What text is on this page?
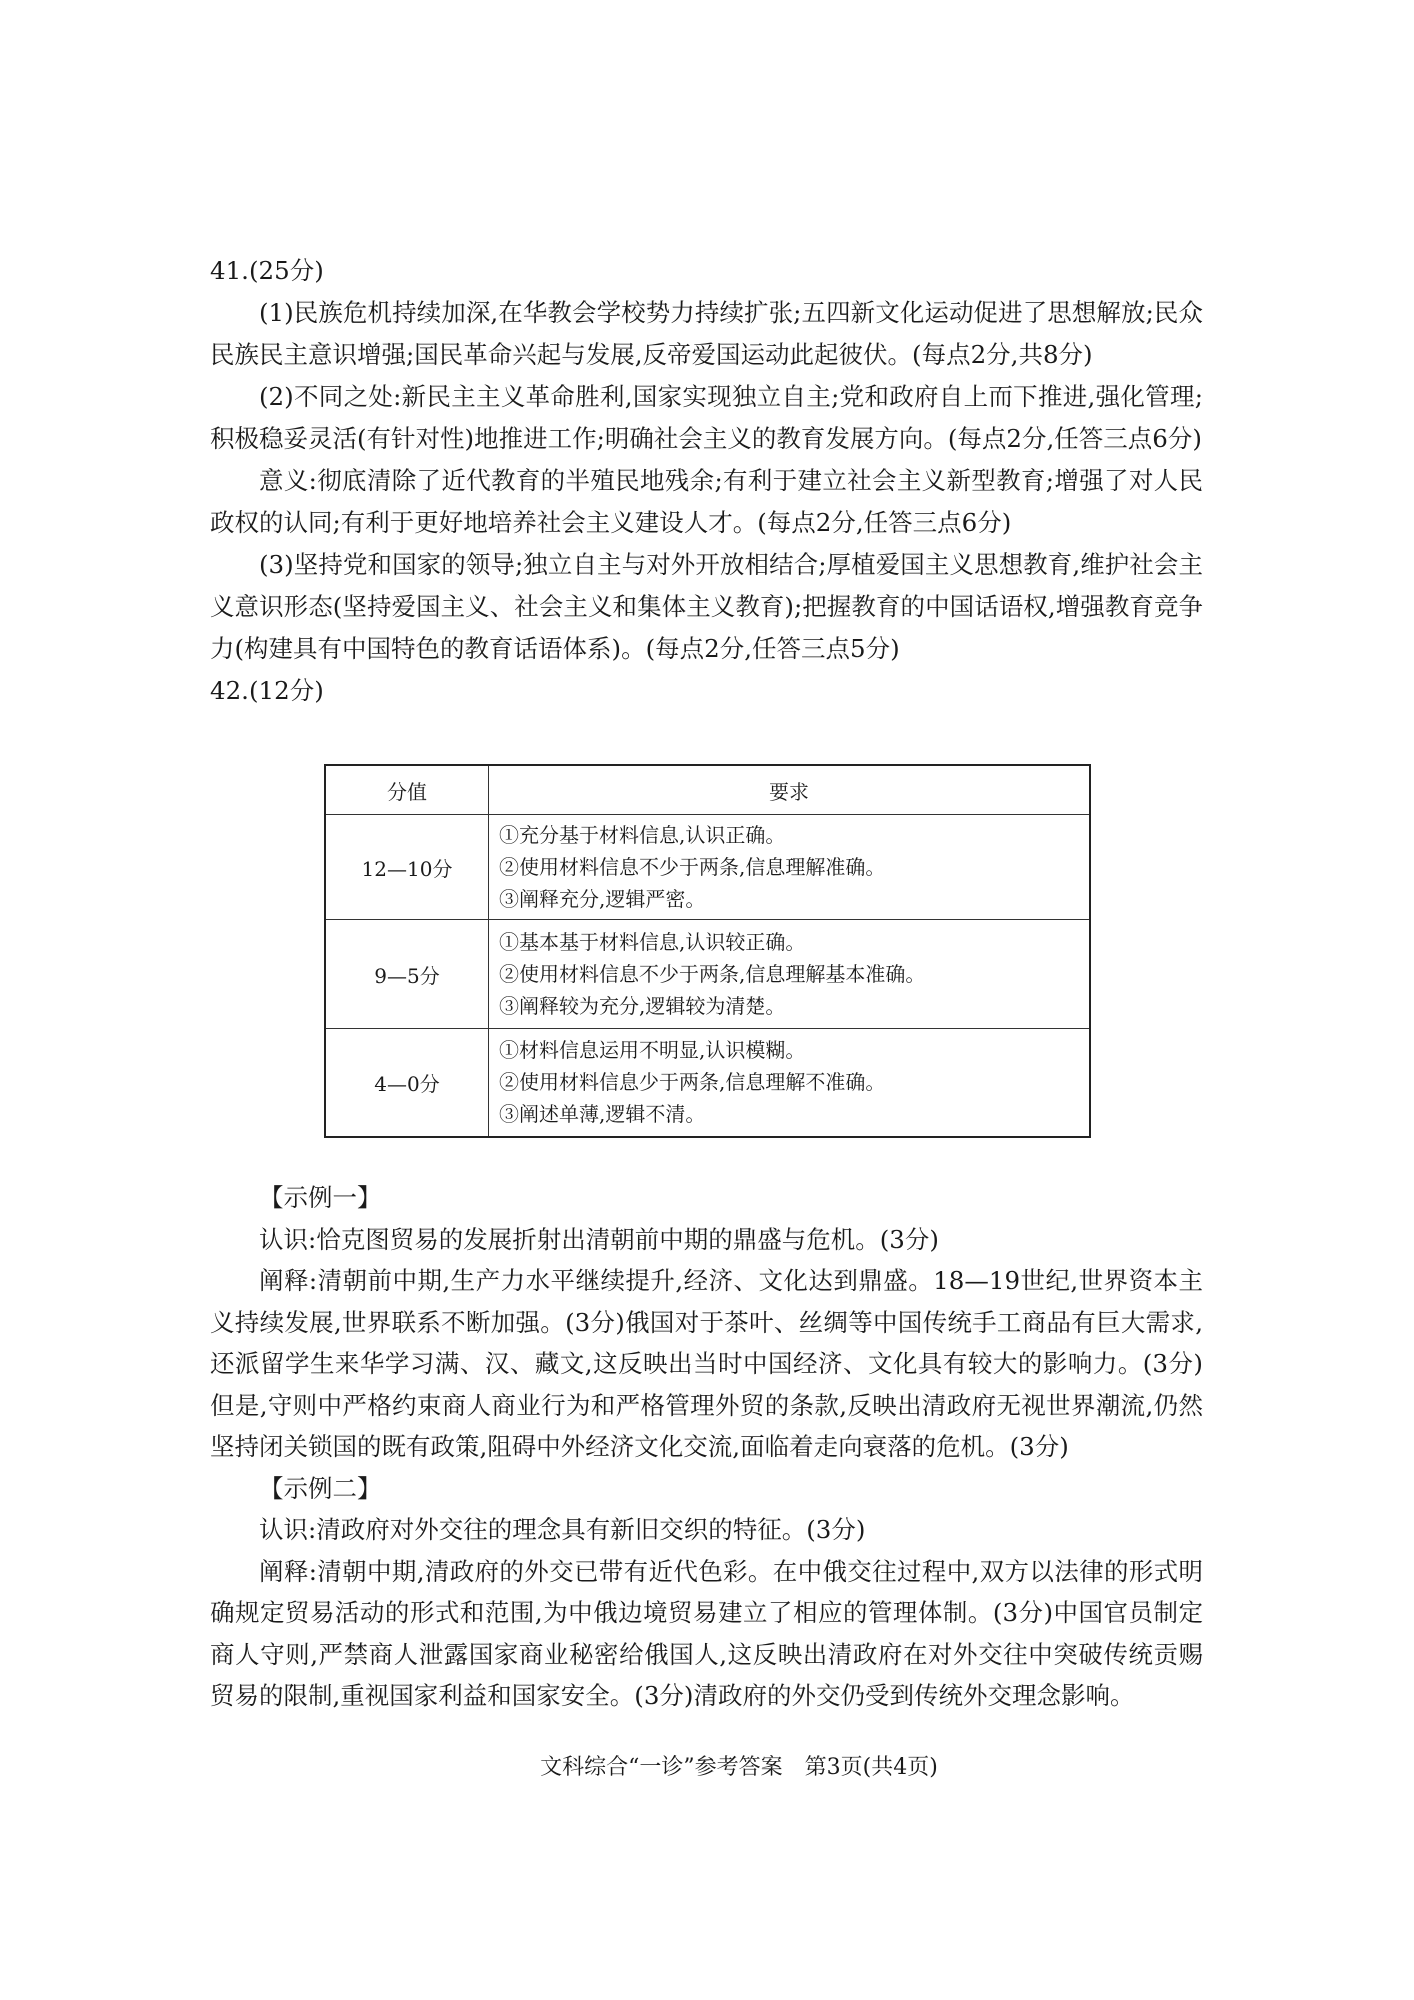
41.(25分)

(1)民族危机持续加深,在华教会学校势力持续扩张;五四新文化运动促进了思想解放;民众民族民主意识增强;国民革命兴起与发展,反帝爱国运动此起彼伏。(每点2分,共8分)

(2)不同之处:新民主主义革命胜利,国家实现独立自主;党和政府自上而下推进,强化管理;积极稳妥灵活(有针对性)地推进工作;明确社会主义的教育发展方向。(每点2分,任答三点6分)

意义:彻底清除了近代教育的半殖民地残余;有利于建立社会主义新型教育;增强了对人民政权的认同;有利于更好地培养社会主义建设人才。(每点2分,任答三点6分)

(3)坚持党和国家的领导;独立自主与对外开放相结合;厚植爱国主义思想教育,维护社会主义意识形态(坚持爱国主义、社会主义和集体主义教育);把握教育的中国话语权,增强教育竞争力(构建具有中国特色的教育话语体系)。(每点2分,任答三点5分)

42.(12分)

分值	要求
12—10分	①充分基于材料信息,认识正确。
②使用材料信息不少于两条,信息理解准确。
③阐释充分,逻辑严密。

9—5分	①基本基于材料信息,认识较正确。
②使用材料信息不少于两条,信息理解基本准确。
③阐释较为充分,逻辑较为清楚。

4—0分	①材料信息运用不明显,认识模糊。
②使用材料信息少于两条,信息理解不准确。
③阐述单薄,逻辑不清。

【示例一】

认识:恰克图贸易的发展折射出清朝前中期的鼎盛与危机。(3分)

阐释:清朝前中期,生产力水平继续提升,经济、文化达到鼎盛。18—19世纪,世界资本主义持续发展,世界联系不断加强。(3分)俄国对于茶叶、丝绸等中国传统手工商品有巨大需求,还派留学生来华学习满、汉、藏文,这反映出当时中国经济、文化具有较大的影响力。(3分)但是,守则中严格约束商人商业行为和严格管理外贸的条款,反映出清政府无视世界潮流,仍然坚持闭关锁国的既有政策,阻碍中外经济文化交流,面临着走向衰落的危机。(3分)

【示例二】

认识:清政府对外交往的理念具有新旧交织的特征。(3分)

阐释:清朝中期,清政府的外交已带有近代色彩。在中俄交往过程中,双方以法律的形式明确规定贸易活动的形式和范围,为中俄边境贸易建立了相应的管理体制。(3分)中国官员制定商人守则,严禁商人泄露国家商业秘密给俄国人,这反映出清政府在对外交往中突破传统贡赐贸易的限制,重视国家利益和国家安全。(3分)清政府的外交仍受到传统外交理念影响。

文科综合“一诊”参考答案　第3页(共4页)
